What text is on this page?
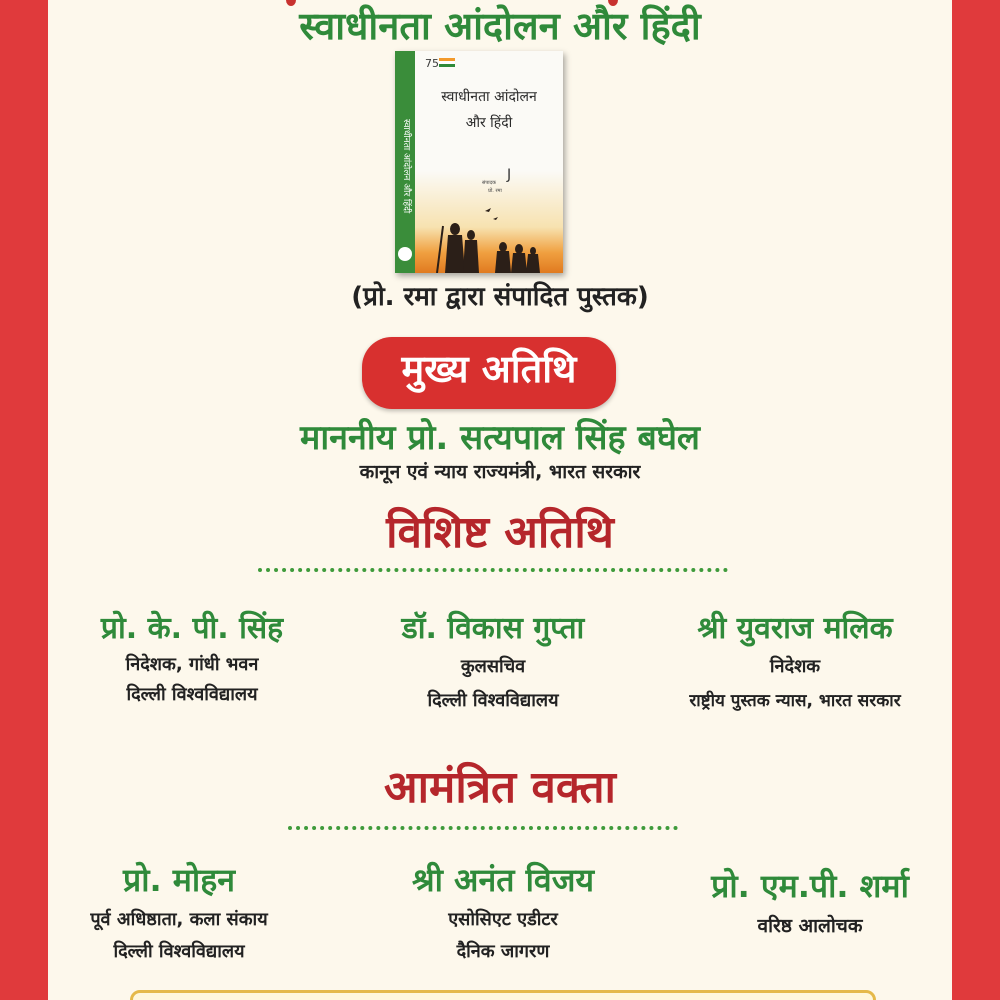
स्वाधीनता आंदोलन और हिंदी
स्वाधीनता आंदोलन और हिंदी
75
संपादक
प्रो. रमा
J
स्वाधीनता आंदोलन
और हिंदी
(प्रो. रमा द्वारा संपादित पुस्तक)
मुख्य अतिथि
माननीय प्रो. सत्यपाल सिंह बघेल
कानून एवं न्याय राज्यमंत्री, भारत सरकार
विशिष्ट अतिथि
प्रो. के. पी. सिंह
निदेशक, गांधी भवन
दिल्ली विश्वविद्यालय
डॉ. विकास गुप्ता
कुलसचिव
दिल्ली विश्वविद्यालय
श्री युवराज मलिक
निदेशक
राष्ट्रीय पुस्तक न्यास, भारत सरकार
आमंत्रित वक्ता
प्रो. मोहन
पूर्व अधिष्ठाता, कला संकाय
दिल्ली विश्वविद्यालय
श्री अनंत विजय
एसोसिएट एडीटर
दैनिक जागरण
प्रो. एम.पी. शर्मा
वरिष्ठ आलोचक
